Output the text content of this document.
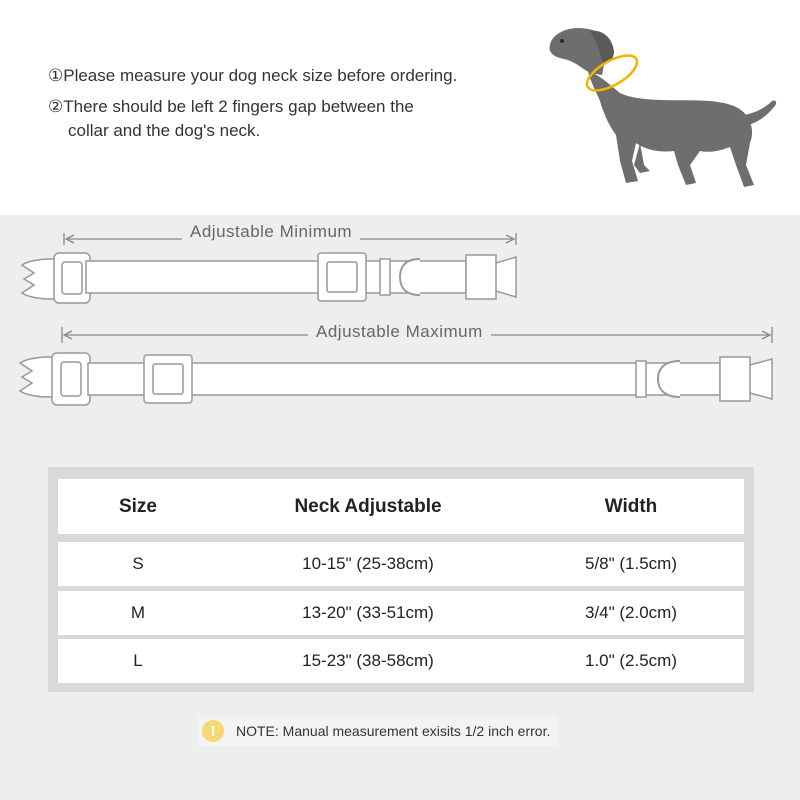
①Please measure your dog neck size before ordering.
②There should be left 2 fingers gap between the
collar and the dog's neck.
Adjustable Minimum
Adjustable Maximum
Size	Neck Adjustable	Width
S	10-15" (25-38cm)	5/8" (1.5cm)
M	13-20" (33-51cm)	3/4" (2.0cm)
L	15-23" (38-58cm)	1.0" (2.5cm)
!	NOTE: Manual measurement exisits 1/2 inch error.
